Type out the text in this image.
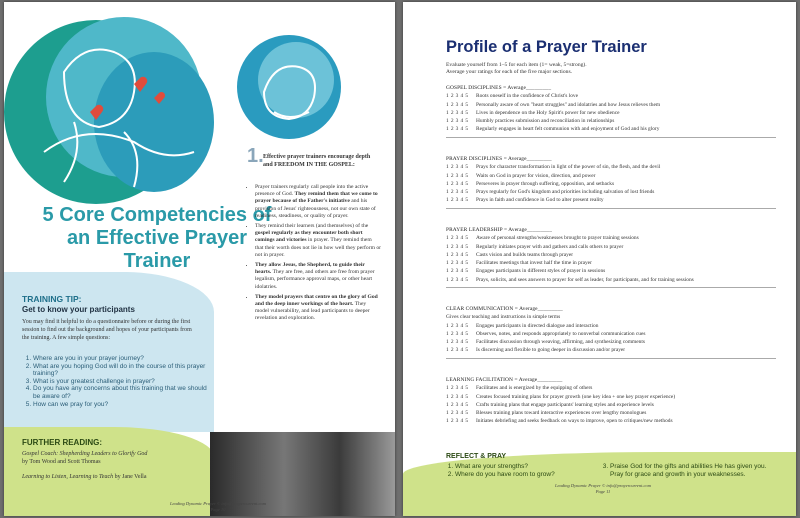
5 Core Competencies of an Effective Prayer Trainer
TRAINING TIP:
Get to know your participants
You may find it helpful to do a questionnaire before or during the first session to find out the background and hopes of your participants from the training. A few simple questions:
1. Where are you in your prayer journey?
2. What are you hoping God will do in the course of this prayer training?
3. What is your greatest challenge in prayer?
4. Do you have any concerns about this training that we should be aware of?
5. How can we pray for you?
FURTHER READING:
Gospel Coach: Shepherding Leaders to Glorify God
by Tom Wood and Scott Thomas
Learning to Listen, Learning to Teach by Jane Vella
1. Effective prayer trainers encourage depth and FREEDOM IN THE GOSPEL:
• Prayer trainers regularly call people into the active presence of God. They remind them that we come to prayer because of the Father's initiative and his provision of Jesus' righteousness, not our own state of readiness, steadiness, or quality of prayer.
• They remind their learners (and themselves) of the gospel regularly as they encounter both short comings and victories in prayer. They remind them that their worth does not lie in how well they perform or not in prayer.
• They allow Jesus, the Shepherd, to guide their hearts. They are free, and others are free from prayer legalism, performance approval maps, or other heart idolatries.
• They model prayers that centre on the glory of God and the deep inner workings of the heart. They model vulnerability, and lead participants to deeper revelation and exploration.
Leading Dynamic Prayer © info@prayercurrent.com
Page 10
Profile of a Prayer Trainer
Evaluate yourself from 1–5 for each item (1= weak, 5=strong).
Average your ratings for each of the five major sections.
GOSPEL DISCIPLINES = Average_________
1 2 3 4 5 Roots oneself in the confidence of Christ's love
1 2 3 4 5 Personally aware of own "heart struggles" and idolatries and how Jesus relieves them
1 2 3 4 5 Lives in dependence on the Holy Spirit's power for new obedience
1 2 3 4 5 Humbly practices submission and reconciliation in relationships
1 2 3 4 5 Regularly engages in heart felt communion with and enjoyment of God and his glory
PRAYER DISCIPLINES = Average_________
1 2 3 4 5 Prays for character transformation in light of the power of sin, the flesh, and the devil
1 2 3 4 5 Waits on God in prayer for vision, direction, and power
1 2 3 4 5 Perseveres in prayer through suffering, opposition, and setbacks
1 2 3 4 5 Prays regularly for God's kingdom and priorities including salvation of lost friends
1 2 3 4 5 Prays in faith and confidence in God to alter present reality
PRAYER LEADERSHIP = Average_________
1 2 3 4 5 Aware of personal strengths/weaknesses brought to prayer training sessions
1 2 3 4 5 Regularly initiates prayer with and gathers and calls others to prayer
1 2 3 4 5 Casts vision and builds teams through prayer
1 2 3 4 5 Facilitates meetings that invest half the time in prayer
1 2 3 4 5 Engages participants in different styles of prayer in sessions
1 2 3 4 5 Prays, solicits, and sees answers to prayer for self as leader, for participants, and for training sessions
CLEAR COMMUNICATION = Average_________
Gives clear teaching and instructions in simple terms
1 2 3 4 5 Engages participants in directed dialogue and interaction
1 2 3 4 5 Observes, notes, and responds appropriately to nonverbal communication cues
1 2 3 4 5 Facilitates discussion through weaving, affirming, and synthesizing comments
1 2 3 4 5 Is discerning and flexible to going deeper in discussion and/or prayer
LEARNING FACILITATION = Average_________
1 2 3 4 5 Facilitates and is energized by the equipping of others
1 2 3 4 5 Creates focused training plans for prayer growth (one key idea + one key prayer experience)
1 2 3 4 5 Crafts training plans that engage participants' learning styles and experience levels
1 2 3 4 5 Blesses training plans toward interactive experiences over lengthy monologues
1 2 3 4 5 Initiates debriefing and seeks feedback on ways to improve, open to critiques/new methods
REFLECT & PRAY
1. What are your strengths?
2. Where do you have room to grow?
3. Praise God for the gifts and abilities He has given you. Pray for grace and growth in your weaknesses.
Leading Dynamic Prayer © info@prayercurrent.com
Page 11
